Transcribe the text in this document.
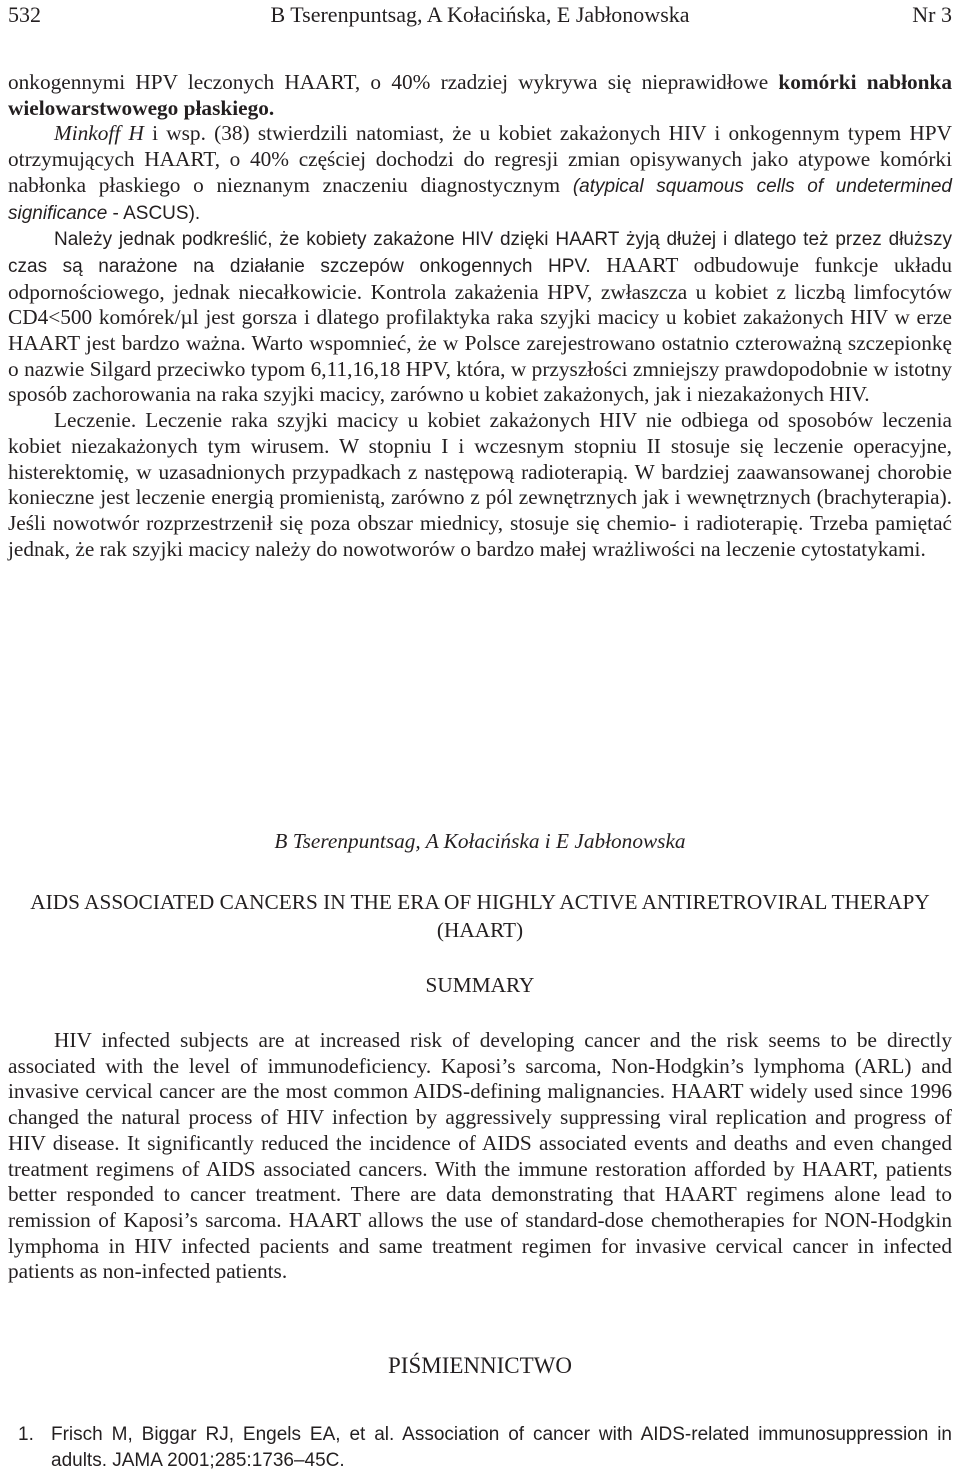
532	B Tserenpuntsag, A Kołacińska, E Jabłonowska	Nr 3

onkogennymi HPV leczonych HAART, o 40% rzadziej wykrywa się nieprawidłowe komórki nabłonka wielowarstwowego płaskiego.

Minkoff H i wsp. (38) stwierdzili natomiast, że u kobiet zakażonych HIV i onkogennym typem HPV otrzymujących HAART, o 40% częściej dochodzi do regresji zmian opisywanych jako atypowe komórki nabłonka płaskiego o nieznanym znaczeniu diagnostycznym (atypical squamous cells of undetermined significance - ASCUS).

Należy jednak podkreślić, że kobiety zakażone HIV dzięki HAART żyją dłużej i dlatego też przez dłuższy czas są narażone na działanie szczepów onkogennych HPV. HAART odbudowuje funkcje układu odpornościowego, jednak niecałkowicie. Kontrola zakażenia HPV, zwłaszcza u kobiet z liczbą limfocytów CD4<500 komórek/µl jest gorsza i dlatego profilaktyka raka szyjki macicy u kobiet zakażonych HIV w erze HAART jest bardzo ważna. Warto wspomnieć, że w Polsce zarejestrowano ostatnio czteroważną szczepionkę o nazwie Silgard przeciwko typom 6,11,16,18 HPV, która, w przyszłości zmniejszy prawdopodobnie w istotny sposób zachorowania na raka szyjki macicy, zarówno u kobiet zakażonych, jak i niezakażonych HIV.

Leczenie. Leczenie raka szyjki macicy u kobiet zakażonych HIV nie odbiega od sposobów leczenia kobiet niezakażonych tym wirusem. W stopniu I i wczesnym stopniu II stosuje się leczenie operacyjne, histerektomię, w uzasadnionych przypadkach z następową radioterapią. W bardziej zaawansowanej chorobie konieczne jest leczenie energią promienistą, zarówno z pól zewnętrznych jak i wewnętrznych (brachyterapia). Jeśli nowotwór rozprzestrzenił się poza obszar miednicy, stosuje się chemio- i radioterapię. Trzeba pamiętać jednak, że rak szyjki macicy należy do nowotworów o bardzo małej wrażliwości na leczenie cytostatykami.

B Tserenpuntsag, A Kołacińska i E Jabłonowska
AIDS ASSOCIATED CANCERS IN THE ERA OF HIGHLY ACTIVE ANTIRETROVIRAL THERAPY (HAART)
SUMMARY
HIV infected subjects are at increased risk of developing cancer and the risk seems to be directly associated with the level of immunodeficiency. Kaposi’s sarcoma, Non-Hodgkin’s lymphoma (ARL) and invasive cervical cancer are the most common AIDS-defining malignancies. HAART widely used since 1996 changed the natural process of HIV infection by aggressively suppressing viral replication and progress of HIV disease. It significantly reduced the incidence of AIDS associated events and deaths and even changed treatment regimens of AIDS associated cancers. With the immune restoration afforded by HAART, patients better responded to cancer treatment. There are data demonstrating that HAART regimens alone lead to remission of Kaposi’s sarcoma. HAART allows the use of standard-dose chemotherapies for NON-Hodgkin lymphoma in HIV infected pacients and same treatment regimen for invasive cervical cancer in infected patients as non-infected patients.
PIŚMIENNICTWO
1. Frisch M, Biggar RJ, Engels EA, et al. Association of cancer with AIDS-related immunosuppression in adults. JAMA 2001;285:1736–45C.
